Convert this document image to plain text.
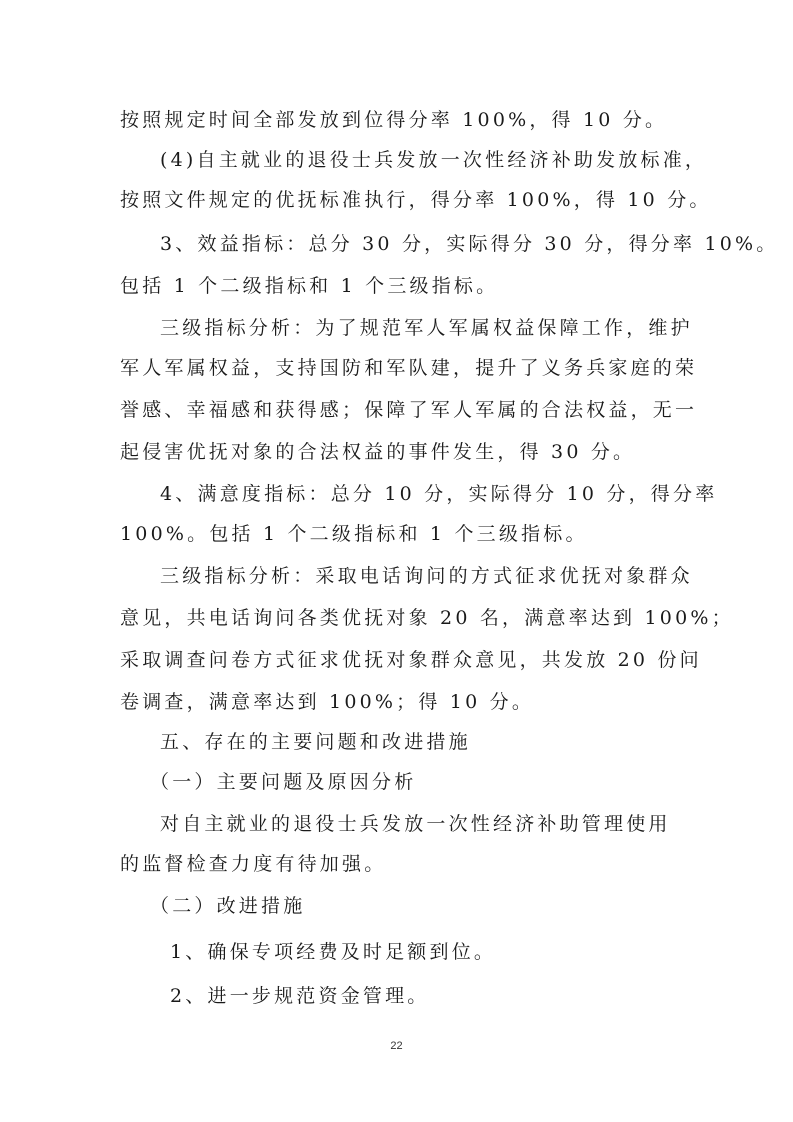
按照规定时间全部发放到位得分率 100%，得 10 分。
(4)自主就业的退役士兵发放一次性经济补助发放标准，
按照文件规定的优抚标准执行，得分率 100%，得 10 分。
3、效益指标：总分 30 分，实际得分 30 分，得分率 10%。
包括 1 个二级指标和 1 个三级指标。
三级指标分析：为了规范军人军属权益保障工作，维护
军人军属权益，支持国防和军队建，提升了义务兵家庭的荣
誉感、幸福感和获得感；保障了军人军属的合法权益，无一
起侵害优抚对象的合法权益的事件发生，得 30 分。
4、满意度指标：总分 10 分，实际得分 10 分，得分率
100%。包括 1 个二级指标和 1 个三级指标。
三级指标分析：采取电话询问的方式征求优抚对象群众
意见，共电话询问各类优抚对象 20 名，满意率达到 100%；
采取调查问卷方式征求优抚对象群众意见，共发放 20 份问
卷调查，满意率达到 100%；得 10 分。
五、存在的主要问题和改进措施
（一）主要问题及原因分析
对自主就业的退役士兵发放一次性经济补助管理使用
的监督检查力度有待加强。
（二）改进措施
1、确保专项经费及时足额到位。
2、进一步规范资金管理。
22
